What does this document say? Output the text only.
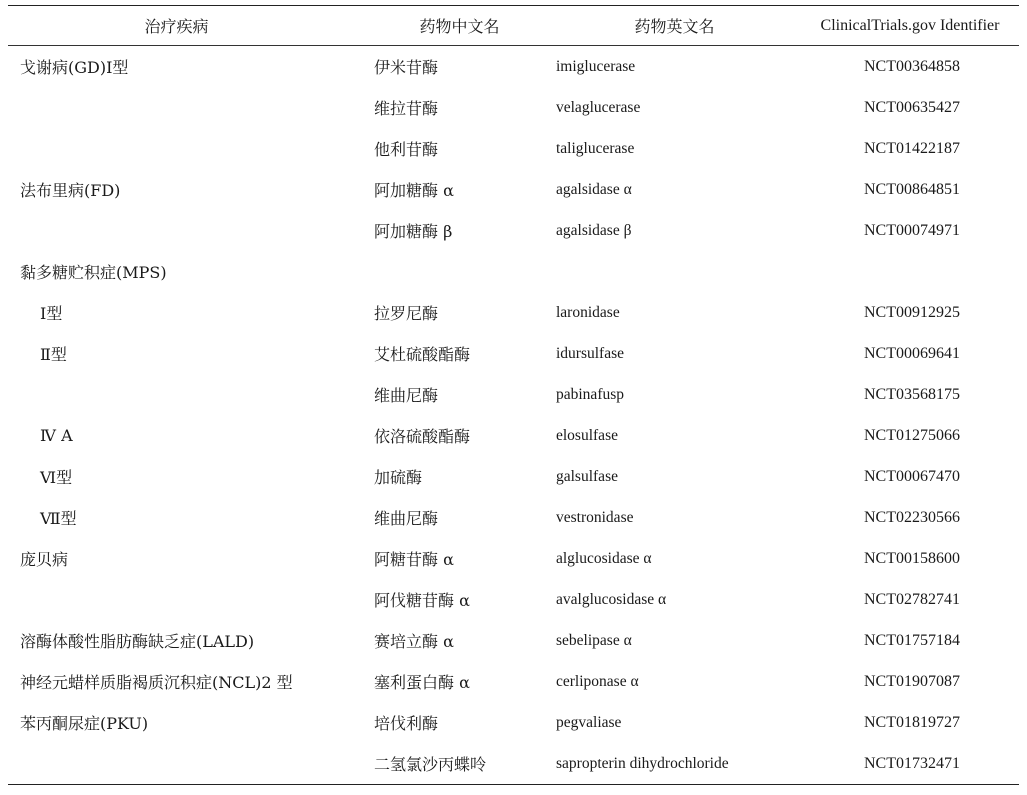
治疗疾病	药物中文名	药物英文名	ClinicalTrials.gov Identifier
戈谢病(GD)Ⅰ型	伊米苷酶	imiglucerase	NCT00364858
	维拉苷酶	velaglucerase	NCT00635427
	他利苷酶	taliglucerase	NCT01422187
法布里病(FD)	阿加糖酶 α	agalsidase α	NCT00864851
	阿加糖酶 β	agalsidase β	NCT00074971
黏多糖贮积症(MPS)			
Ⅰ型	拉罗尼酶	laronidase	NCT00912925
Ⅱ型	艾杜硫酸酯酶	idursulfase	NCT00069641
	维曲尼酶	pabinafusp	NCT03568175
Ⅳ A	依洛硫酸酯酶	elosulfase	NCT01275066
Ⅵ型	加硫酶	galsulfase	NCT00067470
Ⅶ型	维曲尼酶	vestronidase	NCT02230566
庞贝病	阿糖苷酶 α	alglucosidase α	NCT00158600
	阿伐糖苷酶 α	avalglucosidase α	NCT02782741
溶酶体酸性脂肪酶缺乏症(LALD)	赛培立酶 α	sebelipase α	NCT01757184
神经元蜡样质脂褐质沉积症(NCL)2 型	塞利蛋白酶 α	cerliponase α	NCT01907087
苯丙酮尿症(PKU)	培伐利酶	pegvaliase	NCT01819727
	二氢氯沙丙蝶呤	sapropterin dihydrochloride	NCT01732471
